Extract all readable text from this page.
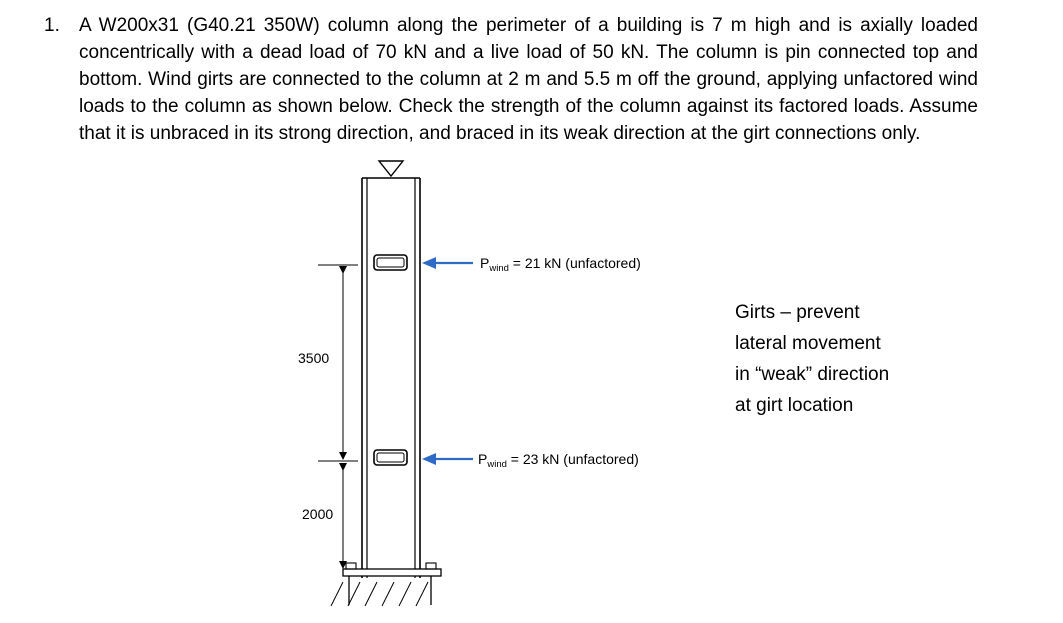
1. A W200x31 (G40.21 350W) column along the perimeter of a building is 7 m high and is axially loaded concentrically with a dead load of 70 kN and a live load of 50 kN. The column is pin connected top and bottom. Wind girts are connected to the column at 2 m and 5.5 m off the ground, applying unfactored wind loads to the column as shown below. Check the strength of the column against its factored loads. Assume that it is unbraced in its strong direction, and braced in its weak direction at the girt connections only.

3500
2000
$P_{wind} = 21$ kN (unfactored)
$P_{wind} = 23$ kN (unfactored)
Girts – prevent
lateral movement
in “weak” direction
at girt location
